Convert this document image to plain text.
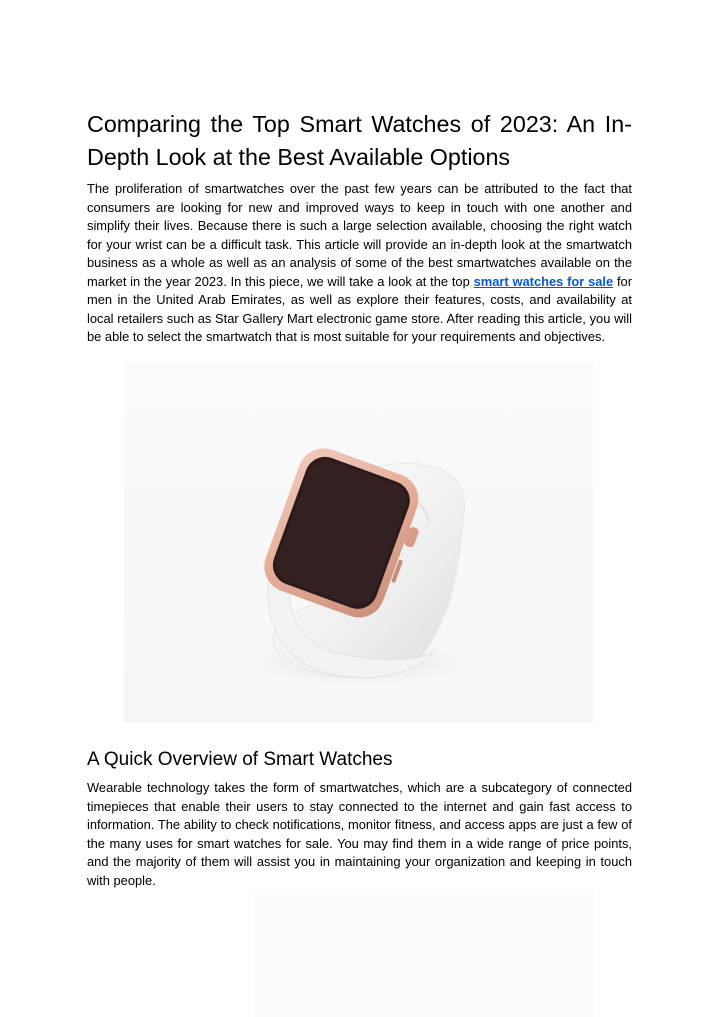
Comparing the Top Smart Watches of 2023: An In-Depth Look at the Best Available Options

The proliferation of smartwatches over the past few years can be attributed to the fact that consumers are looking for new and improved ways to keep in touch with one another and simplify their lives. Because there is such a large selection available, choosing the right watch for your wrist can be a difficult task. This article will provide an in-depth look at the smartwatch business as a whole as well as an analysis of some of the best smartwatches available on the market in the year 2023. In this piece, we will take a look at the top smart watches for sale for men in the United Arab Emirates, as well as explore their features, costs, and availability at local retailers such as Star Gallery Mart electronic game store. After reading this article, you will be able to select the smartwatch that is most suitable for your requirements and objectives.

A Quick Overview of Smart Watches

Wearable technology takes the form of smartwatches, which are a subcategory of connected timepieces that enable their users to stay connected to the internet and gain fast access to information. The ability to check notifications, monitor fitness, and access apps are just a few of the many uses for smart watches for sale. You may find them in a wide range of price points, and the majority of them will assist you in maintaining your organization and keeping in touch with people.
